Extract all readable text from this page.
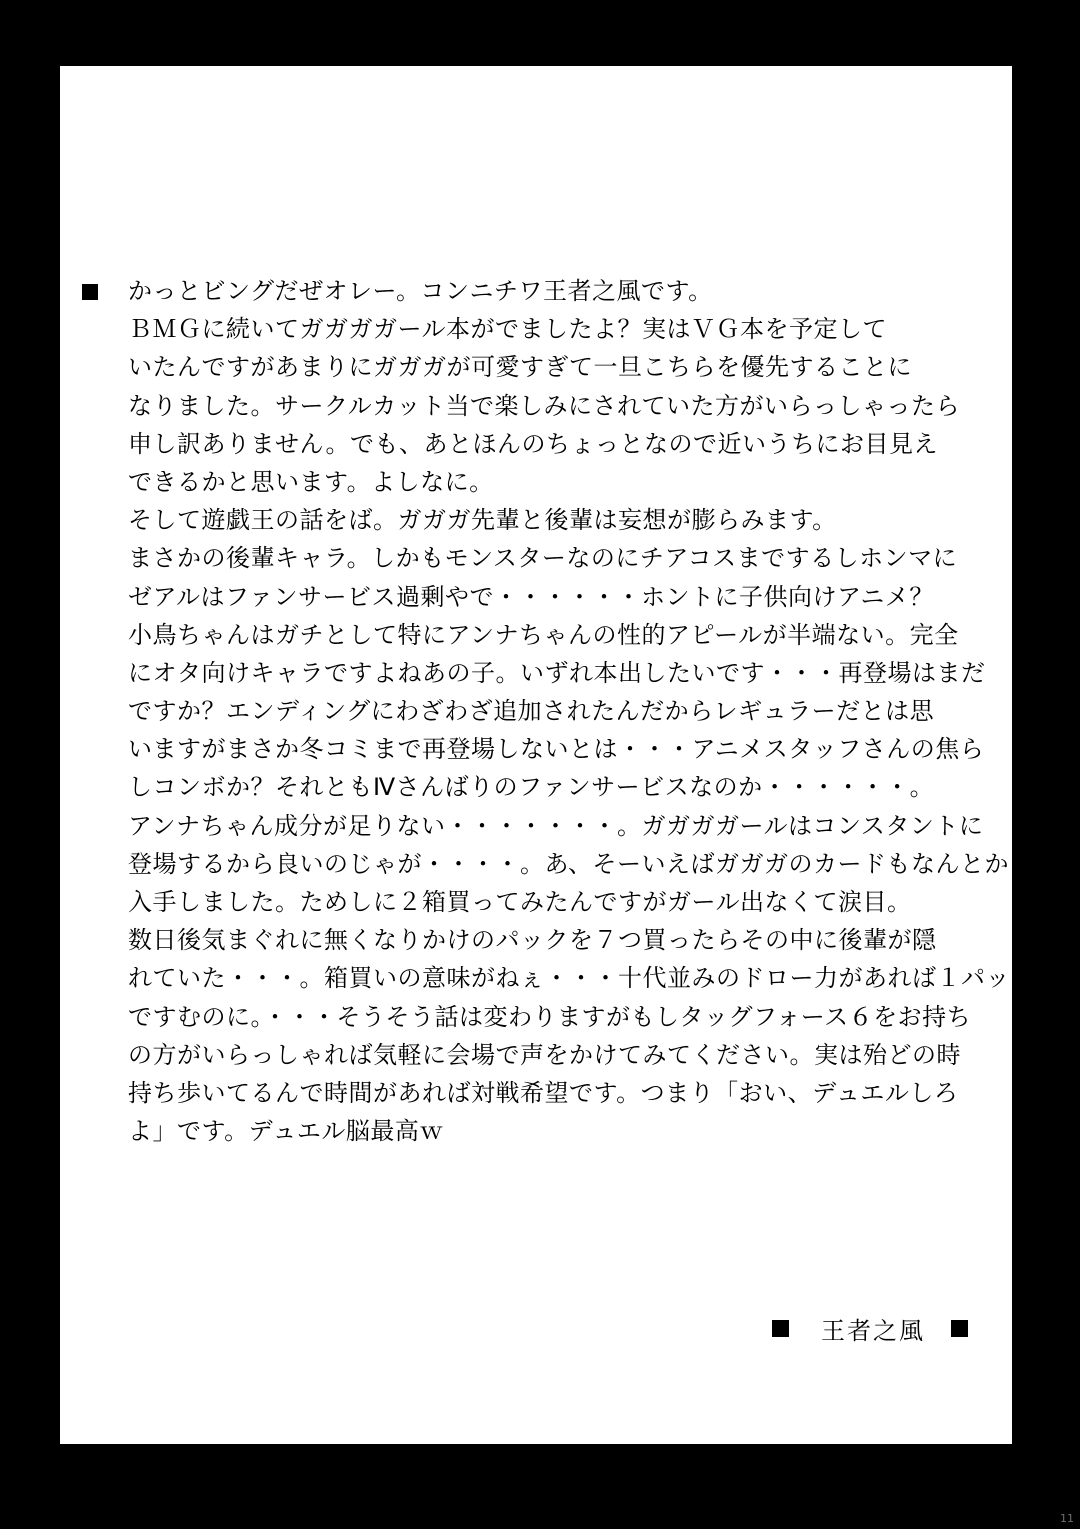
かっとビングだぜオレー。コンニチワ王者之風です。
ＢＭＧに続いてガガガガール本がでましたよ？実はＶＧ本を予定して
いたんですがあまりにガガガが可愛すぎて一旦こちらを優先することに
なりました。サークルカット当で楽しみにされていた方がいらっしゃったら
申し訳ありません。でも、あとほんのちょっとなので近いうちにお目見え
できるかと思います。よしなに。
そして遊戯王の話をば。ガガガ先輩と後輩は妄想が膨らみます。
まさかの後輩キャラ。しかもモンスターなのにチアコスまでするしホンマに
ゼアルはファンサービス過剰やで・・・・・・ホントに子供向けアニメ？
小鳥ちゃんはガチとして特にアンナちゃんの性的アピールが半端ない。完全
にオタ向けキャラですよねあの子。いずれ本出したいです・・・再登場はまだ
ですか？エンディングにわざわざ追加されたんだからレギュラーだとは思
いますがまさか冬コミまで再登場しないとは・・・アニメスタッフさんの焦ら
しコンボか？それともⅣさんばりのファンサービスなのか・・・・・・。
アンナちゃん成分が足りない・・・・・・・。ガガガガールはコンスタントに
登場するから良いのじゃが・・・・。あ、そーいえばガガガのカードもなんとか
入手しました。ためしに２箱買ってみたんですがガール出なくて涙目。
数日後気まぐれに無くなりかけのパックを７つ買ったらその中に後輩が隠
れていた・・・。箱買いの意味がねぇ・・・十代並みのドロー力があれば１パック
ですむのに。・・・そうそう話は変わりますがもしタッグフォース６をお持ち
の方がいらっしゃれば気軽に会場で声をかけてみてください。実は殆どの時
持ち歩いてるんで時間があれば対戦希望です。つまり「おい、デュエルしろ
よ」です。デュエル脳最高ｗ
王者之風
11
